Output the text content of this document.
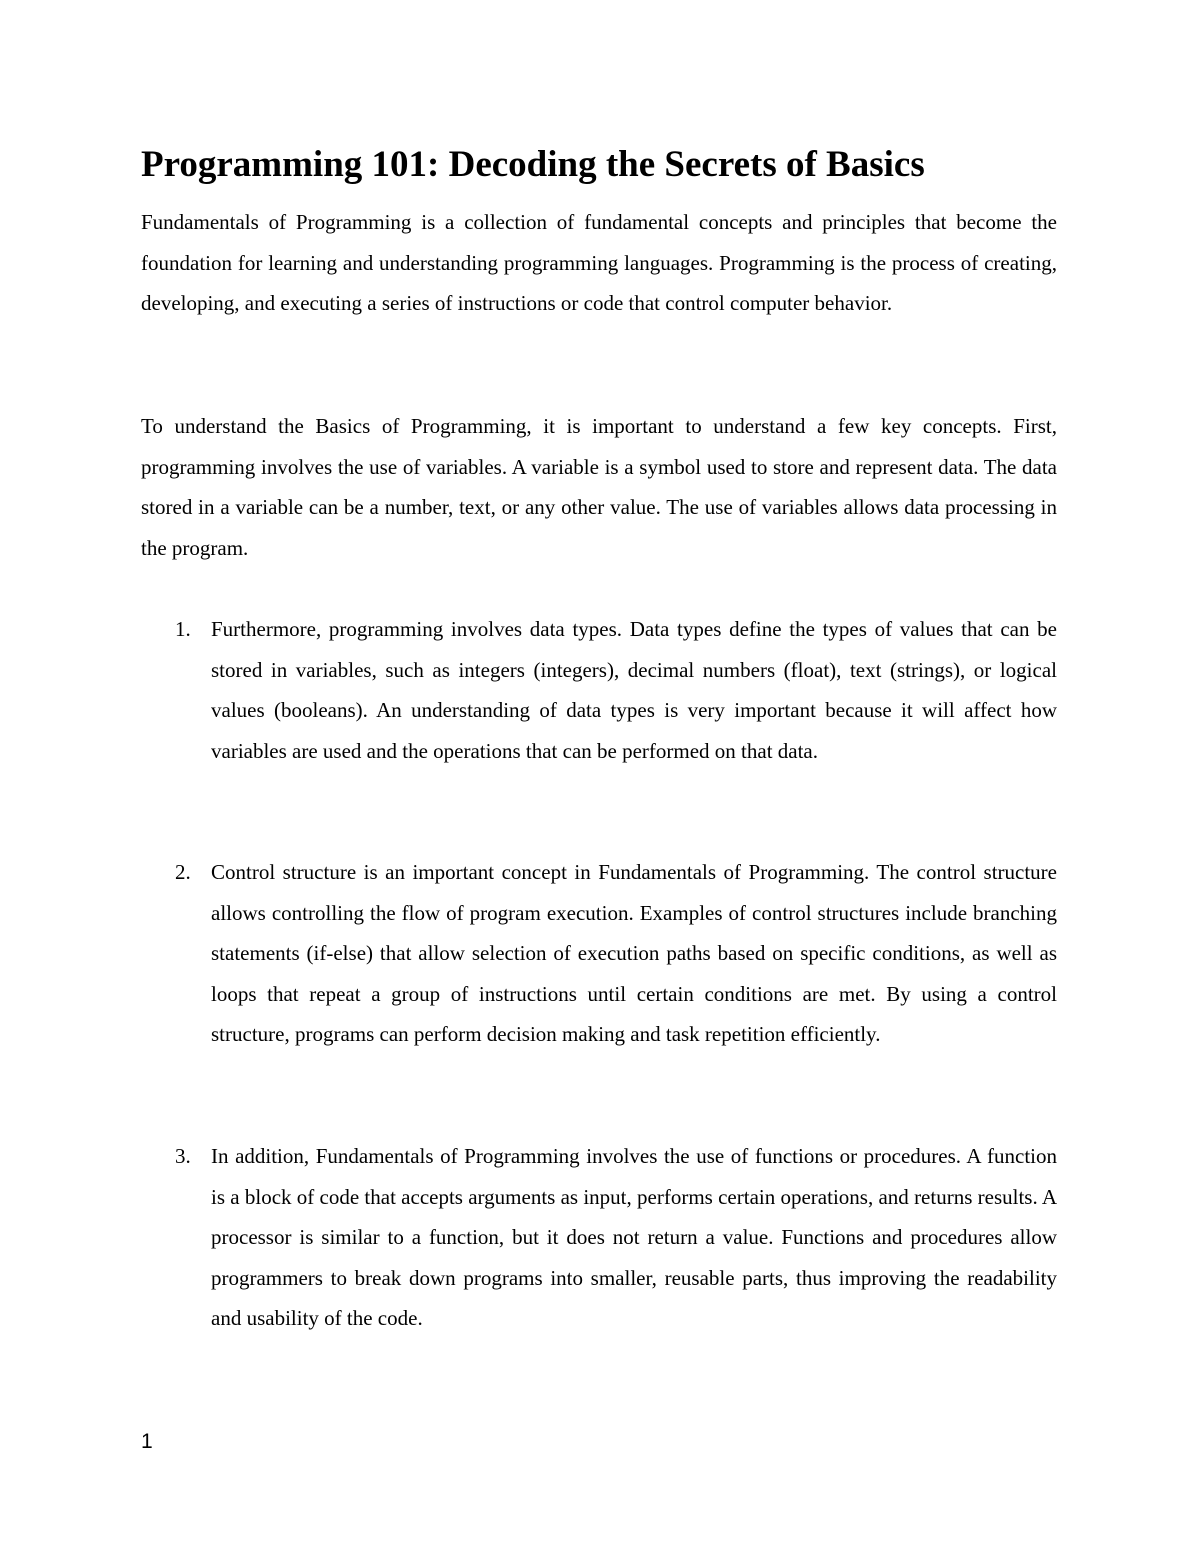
Programming 101: Decoding the Secrets of Basics

Fundamentals of Programming is a collection of fundamental concepts and principles that become the foundation for learning and understanding programming languages. Programming is the process of creating, developing, and executing a series of instructions or code that control computer behavior.

To understand the Basics of Programming, it is important to understand a few key concepts. First, programming involves the use of variables. A variable is a symbol used to store and represent data. The data stored in a variable can be a number, text, or any other value. The use of variables allows data processing in the program.

1. Furthermore, programming involves data types. Data types define the types of values that can be stored in variables, such as integers (integers), decimal numbers (float), text (strings), or logical values (booleans). An understanding of data types is very important because it will affect how variables are used and the operations that can be performed on that data.

2. Control structure is an important concept in Fundamentals of Programming. The control structure allows controlling the flow of program execution. Examples of control structures include branching statements (if-else) that allow selection of execution paths based on specific conditions, as well as loops that repeat a group of instructions until certain conditions are met. By using a control structure, programs can perform decision making and task repetition efficiently.

3. In addition, Fundamentals of Programming involves the use of functions or procedures. A function is a block of code that accepts arguments as input, performs certain operations, and returns results. A processor is similar to a function, but it does not return a value. Functions and procedures allow programmers to break down programs into smaller, reusable parts, thus improving the readability and usability of the code.

1
